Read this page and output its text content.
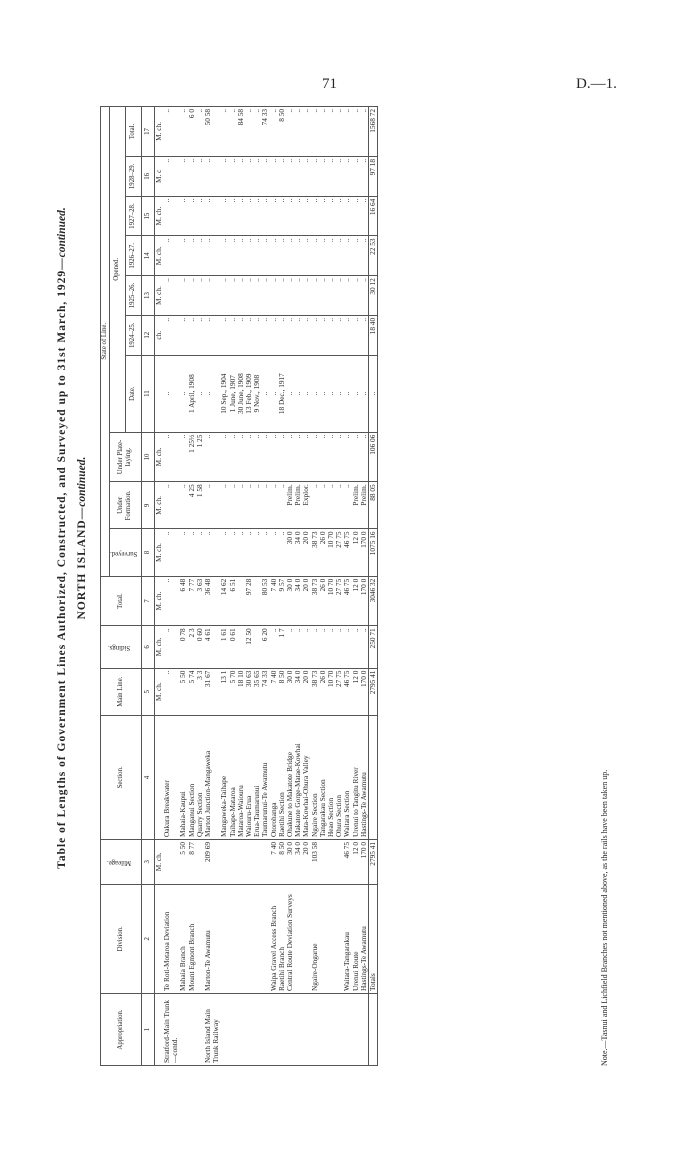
71	D.—1.
Table of Lengths of Government Lines Authorized, Constructed, and Surveyed up to 31st March, 1929—continued.
NORTH ISLAND—continued.
Appropriation.	Division.	Mileage.	Section.	Main Line.	Sidings.	Total.	State of Line.									
							Surveyed.	Under Formation.	Under Plate-laying.	Opened.						
										Date.	1924–25.	1925–26.	1926–27.	1927–28.	1928–29.	Total.
1	2	3	4	5	6	7	8	9	10	11	12	13	14	15	16	17
		M. ch.		M. ch.	M. ch.	M. ch.	M. ch.	M. ch.	M. ch.		ch.	M. ch.	M. ch.	M. ch.	M. c	M. ch.
Stratford-Main Trunk—contd.	Te Roti-Motaroa Deviation		Oakura Breakwater	..	..	..	..	..	..	..	..	..	..	..	..	..
	Mahaia Branch	5 50	Mahaia-Kaupui	5 50	0 78	6 48	..	..	..	..	..	..	..	..	..	..
	Mount Egmont Branch	8 77	Manganui Section	5 74	2 3	7 77	..	4 25	1 25½	1 April, 1908	..	..	..	..	..	6 0
			Quarry Section	3 3	0 60	3 63	..	1 58	1 25	..	..	..	..	..	..	..
North Island Main Trunk Railway	Marton-Te Awamutu	209 69	Marton Junction-Mangaweka	31 67	4 61	36 48	..	..	..	..	..	..	..	..	..	50 58
			Mangaweka-Taihape	13 1	1 61	14 62	..	..	..	10 Sep., 1904	..	..	..	..	..	..
			Taihape-Mataroa	5 70	0 61	6 51	..	..	..	1 June, 1907	..	..	..	..	..	..
			Mataroa-Waiouru	18 10			..	..	..	30 June, 1908	..	..	..	..	..	84 58
			Waiouru-Erua	30 63	12 50	97 28	..	..	..	13 Feb., 1909	..	..	..	..	..	..
			Erua-Taumarunui	35 65			..	..	..	9 Nov., 1908	..	..	..	..	..	..
			Taumarunui-Te Awamutu	74 33	6 20	80 53	..	..	..	..	..	..	..	..	..	74 33
	Waipa Gravel Access Branch	7 40	Otorohanga	7 40	..	7 40	..	..	..	..	..	..	..	..	..	..
	Raetihi Branch	8 50	Raetihi Section	8 50	1 7	9 57	..	..	..	18 Dec., 1917	..	..	..	..	..	8 50
	Central Route Deviation Surveys	30 0	Ohakune to Makatote Bridge	30 0	..	30 0	30 0	Prelim.	..	..	..	..	..	..	..	..
		34 0	Makatote Gorge-Matae-Kowhai	34 0	..	34 0	34 0	Prelim.	..	..	..	..	..	..	..	..
		20 0	Mata-Kowhai-Ohura Valley	20 0	..	20 0	20 0	Explor.	..	..	..	..	..	..	..	..
	Ngaire-Ongarue	103 58	Ngaire Section	38 73	..	38 73	38 73	..	..	..	..	..	..	..	..	..
			Tangarakau Section	26 0	..	26 0	26 0	..	..	..	..	..	..	..	..	..
			Heao Section	10 70	..	10 70	10 70	..	..	..	..	..	..	..	..	..
			Ohura Section	27 75	..	27 75	27 75	..	..	..	..	..	..	..	..	..
	Waitara-Tangarakau	46 75	Waitara Section	46 75	..	46 75	46 75	..	..	..	..	..	..	..	..	..
	Urenui Route	12 0	Urenui to Tangitu River	12 0	..	12 0	12 0	Prelim.	..	..	..	..	..	..	..	..
	Hastings-Te Awamutu	170 0	Hastings-Te Awamutu	170 0	..	170 0	170 0	Prelim.	..	..	..	..	..	..	..	..
	Totals	2795 41		2795 41	250 71	3046 32	1075 16	88 05	106 06	..	18 40	30 12	22 53	16 64	97 18	1568 72
Note.—Tasnui and Lichfield Branches not mentioned above, as the rails have been taken up.
